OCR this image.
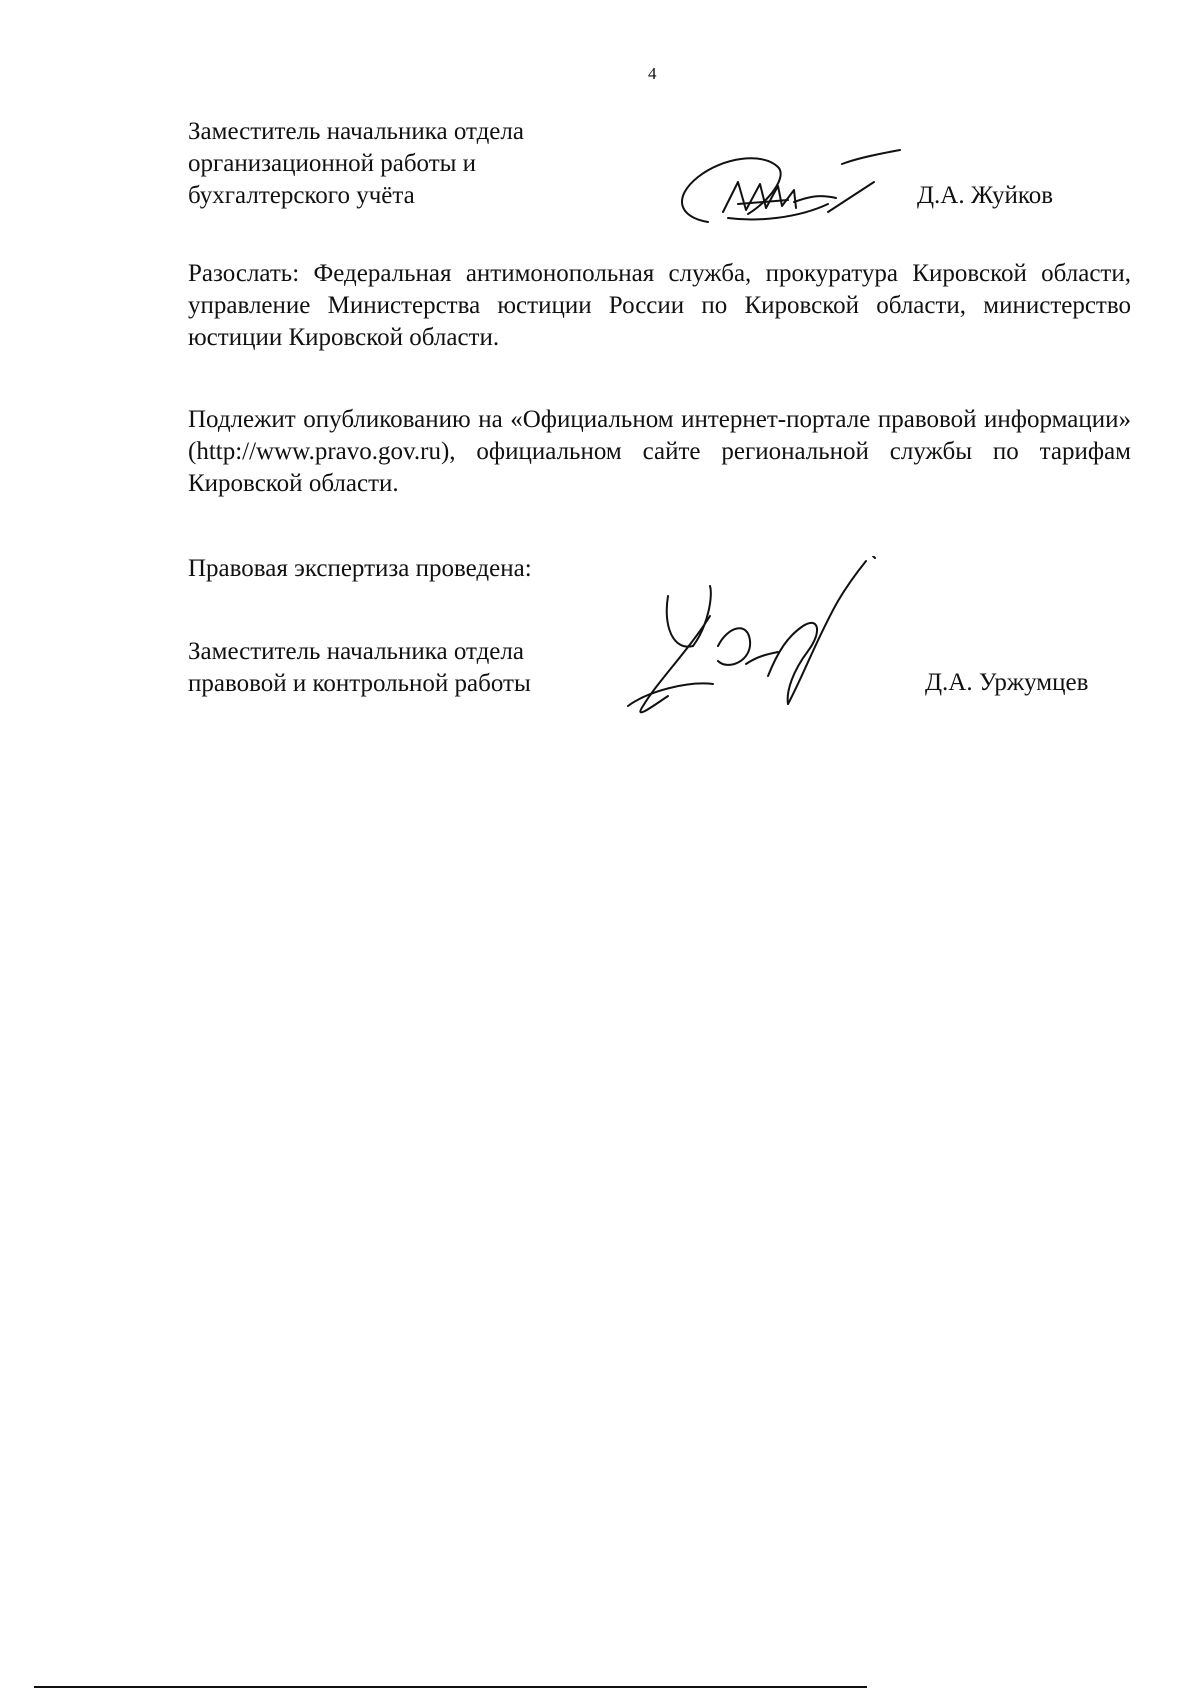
4
Заместитель начальника отдела
организационной работы и
бухгалтерского учёта	Д.А. Жуйков
Разослать: Федеральная антимонопольная служба, прокуратура Кировской области, управление Министерства юстиции России по Кировской области, министерство юстиции Кировской области.
Подлежит опубликованию на «Официальном интернет-портале правовой информации» (http://www.pravo.gov.ru), официальном сайте региональной службы по тарифам Кировской области.
Правовая экспертиза проведена:
Заместитель начальника отдела
правовой и контрольной работы	Д.А. Уржумцев
